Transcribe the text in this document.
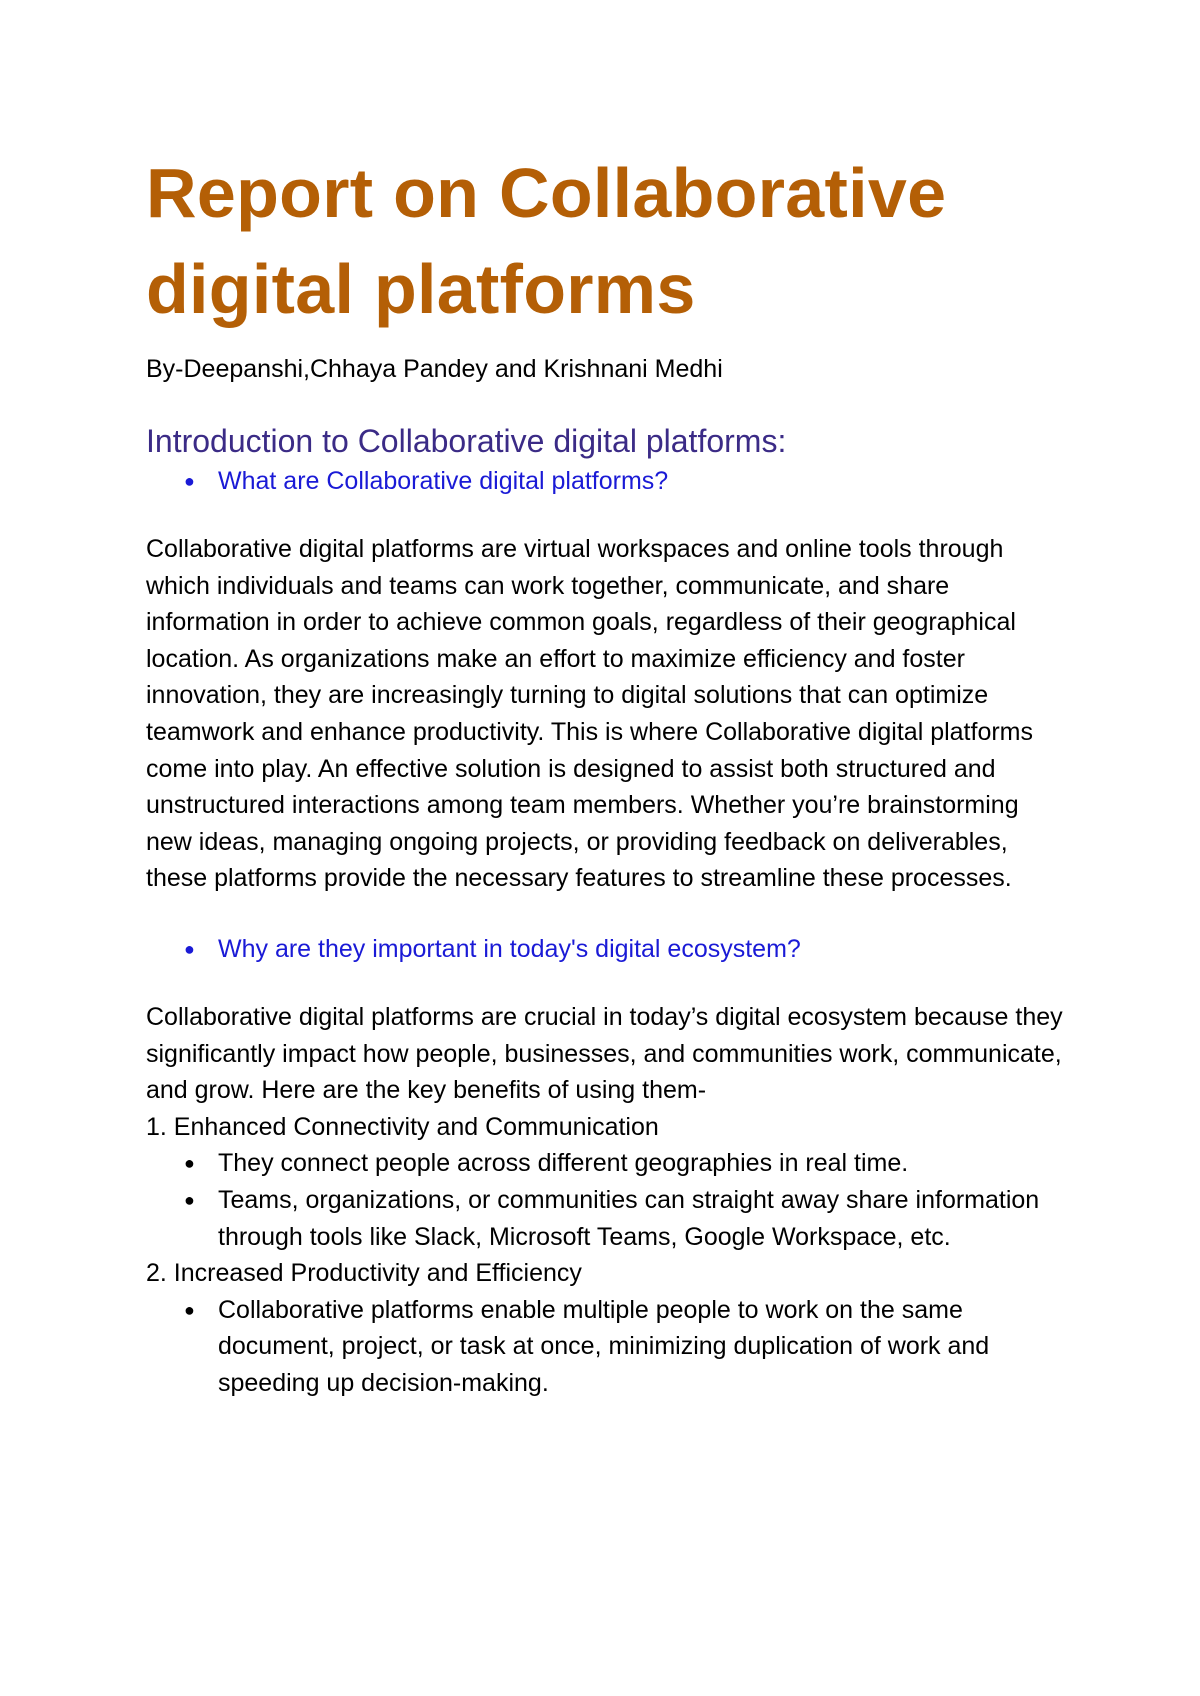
Report on Collaborative digital platforms

By-Deepanshi,Chhaya Pandey and Krishnani Medhi

Introduction to Collaborative digital platforms:
● What are Collaborative digital platforms?

Collaborative digital platforms are virtual workspaces and online tools through which individuals and teams can work together, communicate, and share information in order to achieve common goals, regardless of their geographical location. As organizations make an effort to maximize efficiency and foster innovation, they are increasingly turning to digital solutions that can optimize teamwork and enhance productivity. This is where Collaborative digital platforms come into play. An effective solution is designed to assist both structured and unstructured interactions among team members. Whether you’re brainstorming new ideas, managing ongoing projects, or providing feedback on deliverables, these platforms provide the necessary features to streamline these processes.

● Why are they important in today's digital ecosystem?

Collaborative digital platforms are crucial in today’s digital ecosystem because they significantly impact how people, businesses, and communities work, communicate, and grow. Here are the key benefits of using them-

1. Enhanced Connectivity and Communication
● They connect people across different geographies in real time.
● Teams, organizations, or communities can straight away share information through tools like Slack, Microsoft Teams, Google Workspace, etc.
2. Increased Productivity and Efficiency
● Collaborative platforms enable multiple people to work on the same document, project, or task at once, minimizing duplication of work and speeding up decision-making.
